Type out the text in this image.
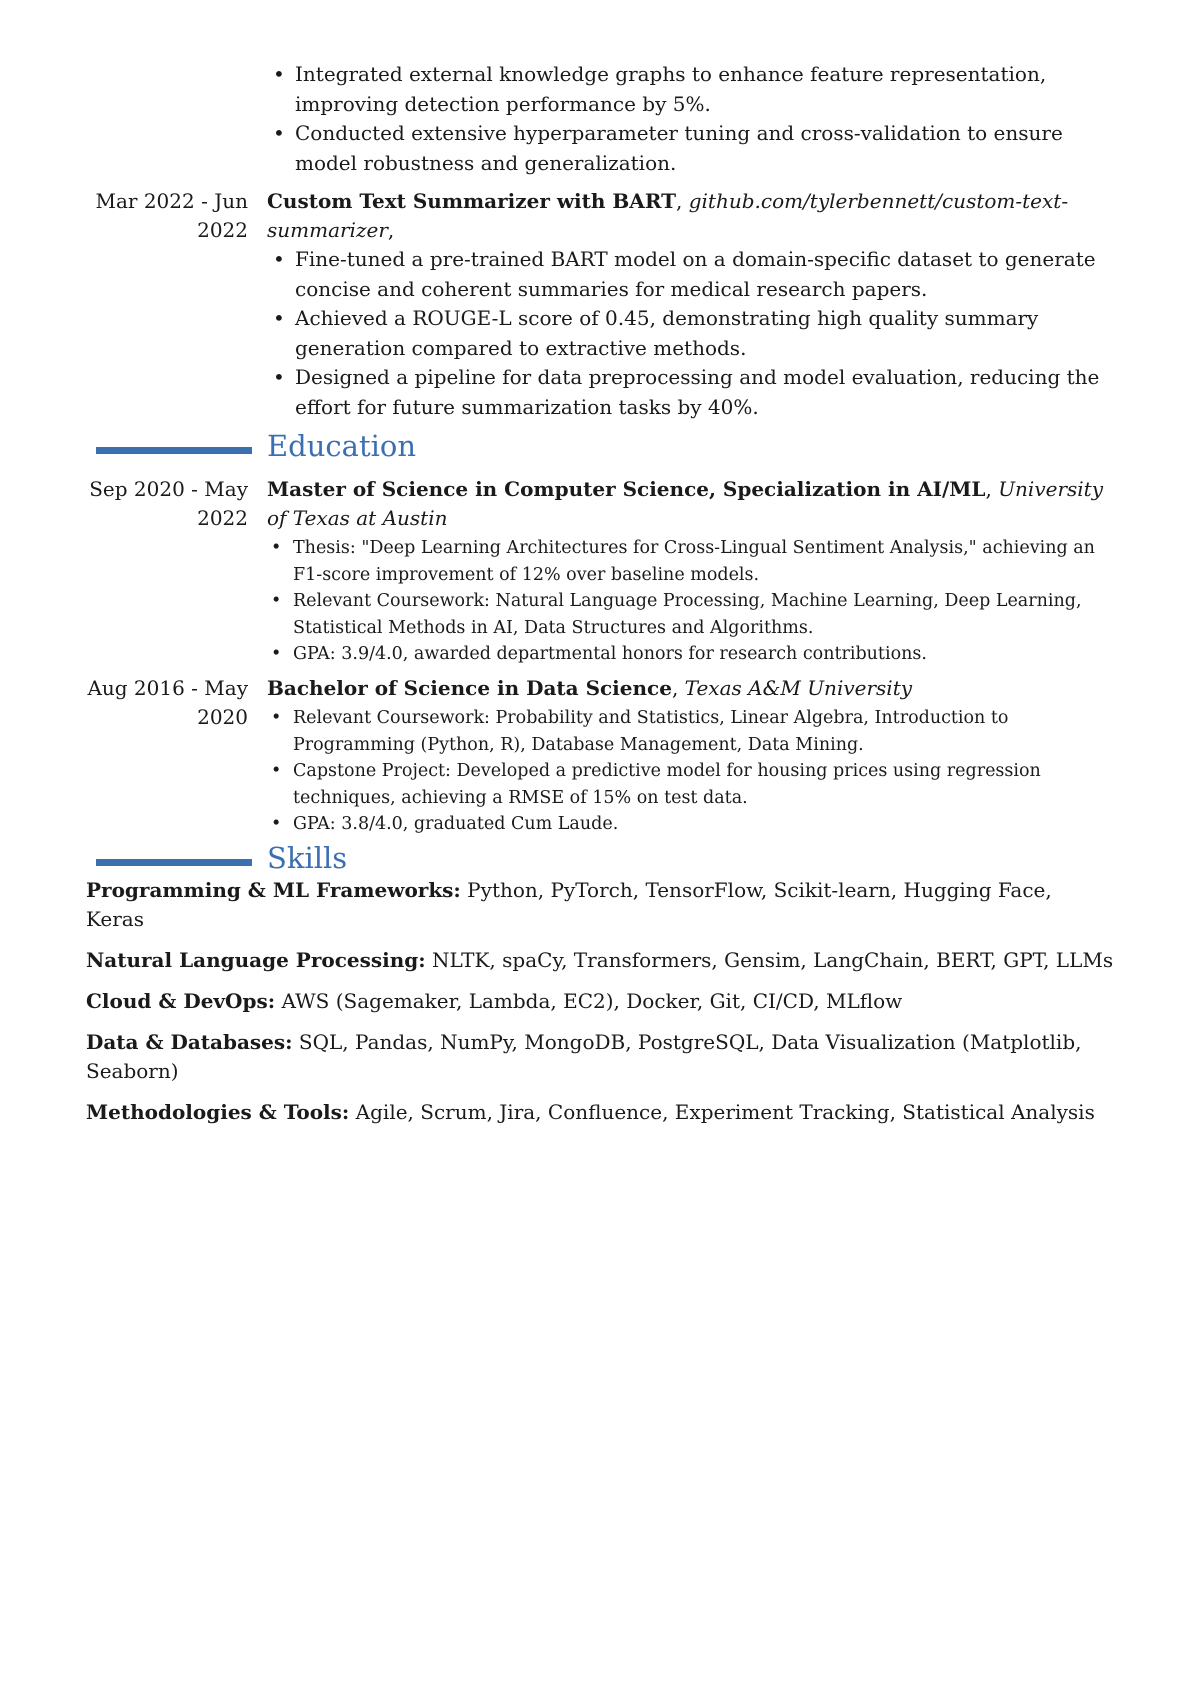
• Integrated external knowledge graphs to enhance feature representation, improving detection performance by 5%.
• Conducted extensive hyperparameter tuning and cross-validation to ensure model robustness and generalization.
Mar 2022 - Jun 2022
Custom Text Summarizer with BART, github.com/tylerbennett/custom-text-summarizer,
• Fine-tuned a pre-trained BART model on a domain-specific dataset to generate concise and coherent summaries for medical research papers.
• Achieved a ROUGE-L score of 0.45, demonstrating high quality summary generation compared to extractive methods.
• Designed a pipeline for data preprocessing and model evaluation, reducing the effort for future summarization tasks by 40%.
Education
Sep 2020 - May 2022
Master of Science in Computer Science, Specialization in AI/ML, University of Texas at Austin
• Thesis: "Deep Learning Architectures for Cross-Lingual Sentiment Analysis," achieving an F1-score improvement of 12% over baseline models.
• Relevant Coursework: Natural Language Processing, Machine Learning, Deep Learning, Statistical Methods in AI, Data Structures and Algorithms.
• GPA: 3.9/4.0, awarded departmental honors for research contributions.
Aug 2016 - May 2020
Bachelor of Science in Data Science, Texas A&M University
• Relevant Coursework: Probability and Statistics, Linear Algebra, Introduction to Programming (Python, R), Database Management, Data Mining.
• Capstone Project: Developed a predictive model for housing prices using regression techniques, achieving a RMSE of 15% on test data.
• GPA: 3.8/4.0, graduated Cum Laude.
Skills
Programming & ML Frameworks: Python, PyTorch, TensorFlow, Scikit-learn, Hugging Face, Keras
Natural Language Processing: NLTK, spaCy, Transformers, Gensim, LangChain, BERT, GPT, LLMs
Cloud & DevOps: AWS (Sagemaker, Lambda, EC2), Docker, Git, CI/CD, MLflow
Data & Databases: SQL, Pandas, NumPy, MongoDB, PostgreSQL, Data Visualization (Matplotlib, Seaborn)
Methodologies & Tools: Agile, Scrum, Jira, Confluence, Experiment Tracking, Statistical Analysis
